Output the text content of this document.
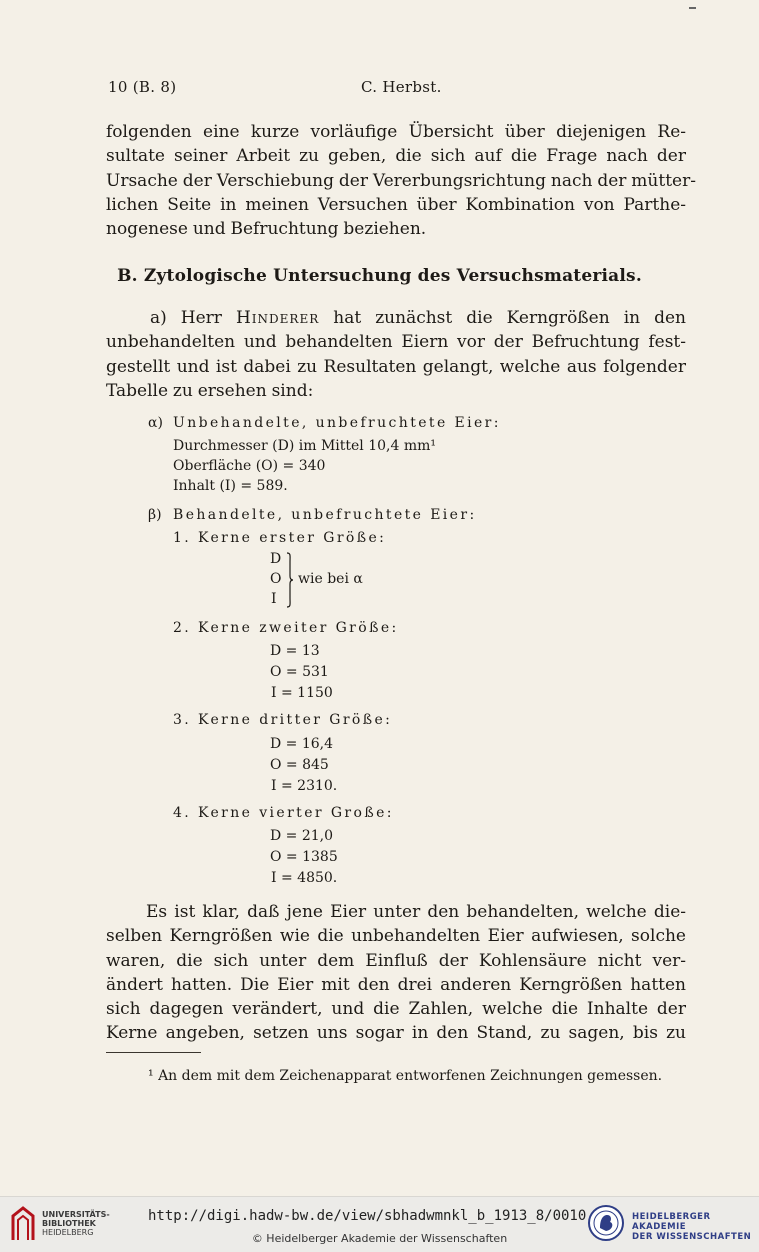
10 (B. 8)	C. Herbst.
folgenden eine kurze vorläufige Übersicht über diejenigen Re-
sultate seiner Arbeit zu geben, die sich auf die Frage nach der
Ursache der Verschiebung der Vererbungsrichtung nach der mütter-
lichen Seite in meinen Versuchen über Kombination von Parthe-
nogenese und Befruchtung beziehen.
B. Zytologische Untersuchung des Versuchsmaterials.
a) Herr Hinderer hat zunächst die Kerngrößen in den
unbehandelten und behandelten Eiern vor der Befruchtung fest-
gestellt und ist dabei zu Resultaten gelangt, welche aus folgender
Tabelle zu ersehen sind:
α) Unbehandelte, unbefruchtete Eier:
Durchmesser (D) im Mittel 10,4 mm¹
Oberfläche (O) = 340
Inhalt (I) = 589.
β) Behandelte, unbefruchtete Eier:
1. Kerne erster Größe:
D
O
I
wie bei α
2. Kerne zweiter Größe:
D = 13
O = 531
I = 1150
3. Kerne dritter Größe:
D = 16,4
O = 845
I = 2310.
4. Kerne vierter Große:
D = 21,0
O = 1385
I = 4850.
Es ist klar, daß jene Eier unter den behandelten, welche die-
selben Kerngrößen wie die unbehandelten Eier aufwiesen, solche
waren, die sich unter dem Einfluß der Kohlensäure nicht ver-
ändert hatten. Die Eier mit den drei anderen Kerngrößen hatten
sich dagegen verändert, und die Zahlen, welche die Inhalte der
Kerne angeben, setzen uns sogar in den Stand, zu sagen, bis zu
¹ An dem mit dem Zeichenapparat entworfenen Zeichnungen gemessen.
UNIVERSITÄTS-
BIBLIOTHEK
HEIDELBERG
http://digi.hadw-bw.de/view/sbhadwmnkl_b_1913_8/0010
© Heidelberger Akademie der Wissenschaften
HEIDELBERGER AKADEMIE
DER WISSENSCHAFTEN
